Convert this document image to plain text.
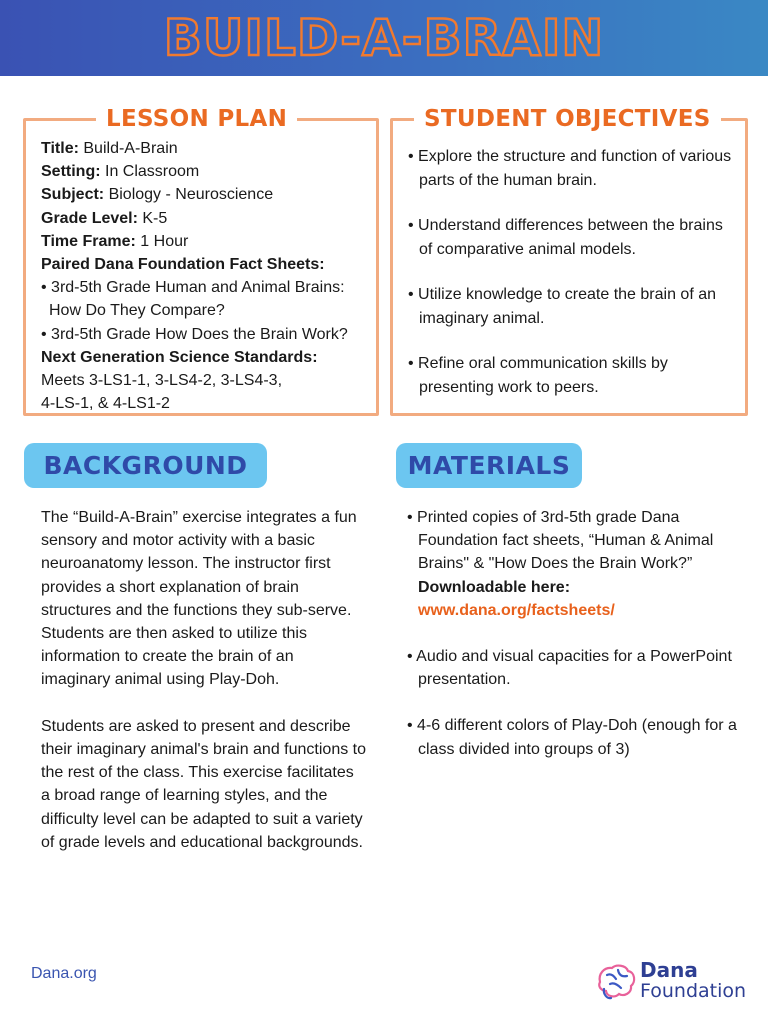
BUILD-A-BRAIN
LESSON PLAN
Title: Build-A-Brain
Setting: In Classroom
Subject: Biology - Neuroscience
Grade Level: K-5
Time Frame: 1 Hour
Paired Dana Foundation Fact Sheets:
• 3rd-5th Grade Human and Animal Brains:
How Do They Compare?
• 3rd-5th Grade How Does the Brain Work?
Next Generation Science Standards:
Meets 3-LS1-1, 3-LS4-2, 3-LS4-3,
4-LS-1, & 4-LS1-2
STUDENT OBJECTIVES
• Explore the structure and function of various parts of the human brain.
• Understand differences between the brains of comparative animal models.
• Utilize knowledge to create the brain of an imaginary animal.
• Refine oral communication skills by presenting work to peers.
BACKGROUND

The “Build-A-Brain” exercise integrates a fun sensory and motor activity with a basic neuroanatomy lesson. The instructor first provides a short explanation of brain structures and the functions they sub-serve. Students are then asked to utilize this information to create the brain of an imaginary animal using Play-Doh.

Students are asked to present and describe their imaginary animal's brain and functions to the rest of the class. This exercise facilitates a broad range of learning styles, and the difficulty level can be adapted to suit a variety of grade levels and educational backgrounds.

MATERIALS
• Printed copies of 3rd-5th grade Dana Foundation fact sheets, “Human & Animal Brains" & "How Does the Brain Work?”
Downloadable here:
www.dana.org/factsheets/
• Audio and visual capacities for a PowerPoint presentation.
• 4-6 different colors of Play-Doh (enough for a class divided into groups of 3)
Dana.org	Dana
Foundation
